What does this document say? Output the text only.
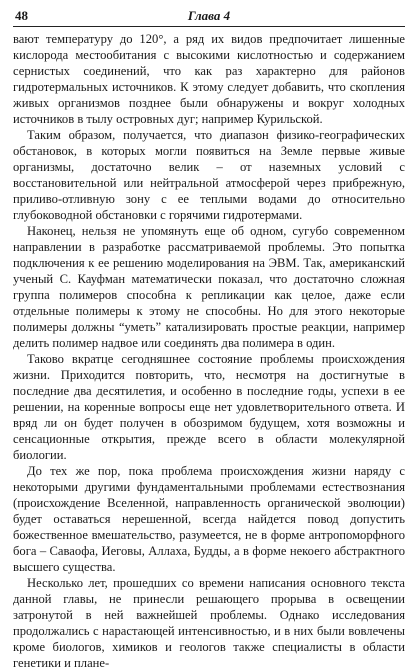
48	Глава 4

вают температуру до 120°, а ряд их видов предпочитает лишенные кислорода местообитания с высокими кислотностью и содержанием сернистых соединений, что как раз характерно для районов гидротермальных источников. К этому следует добавить, что скопления живых организмов позднее были обнаружены и вокруг холодных источников в тылу островных дуг; например Курильской.

Таким образом, получается, что диапазон физико-географических обстановок, в которых могли появиться на Земле первые живые организмы, достаточно велик – от наземных условий с восстановительной или нейтральной атмосферой через прибрежную, приливо-отливную зону с ее теплыми водами до относительно глубоководной обстановки с горячими гидротермами.

Наконец, нельзя не упомянуть еще об одном, сугубо современном направлении в разработке рассматриваемой проблемы. Это попытка подключения к ее решению моделирования на ЭВМ. Так, американский ученый С. Кауфман математически показал, что достаточно сложная группа полимеров способна к репликации как целое, даже если отдельные полимеры к этому не способны. Но для этого некоторые полимеры должны “уметь” катализировать простые реакции, например делить полимер надвое или соединять два полимера в один.

Таково вкратце сегодняшнее состояние проблемы происхождения жизни. Приходится повторить, что, несмотря на достигнутые в последние два десятилетия, и особенно в последние годы, успехи в ее решении, на коренные вопросы еще нет удовлетворительного ответа. И вряд ли он будет получен в обозримом будущем, хотя возможны и сенсационные открытия, прежде всего в области молекулярной биологии.

До тех же пор, пока проблема происхождения жизни наряду с некоторыми другими фундаментальными проблемами естествознания (происхождение Вселенной, направленность органической эволюции) будет оставаться нерешенной, всегда найдется повод допустить божественное вмешательство, разумеется, не в форме антропоморфного бога – Саваофа, Иеговы, Аллаха, Будды, а в форме некоего абстрактного высшего существа.

Несколько лет, прошедших со времени написания основного текста данной главы, не принесли решающего прорыва в освещении затронутой в ней важнейшей проблемы. Однако исследования продолжались с нарастающей интенсивностью, и в них были вовлечены кроме биологов, химиков и геологов также специалисты в области генетики и плане-
